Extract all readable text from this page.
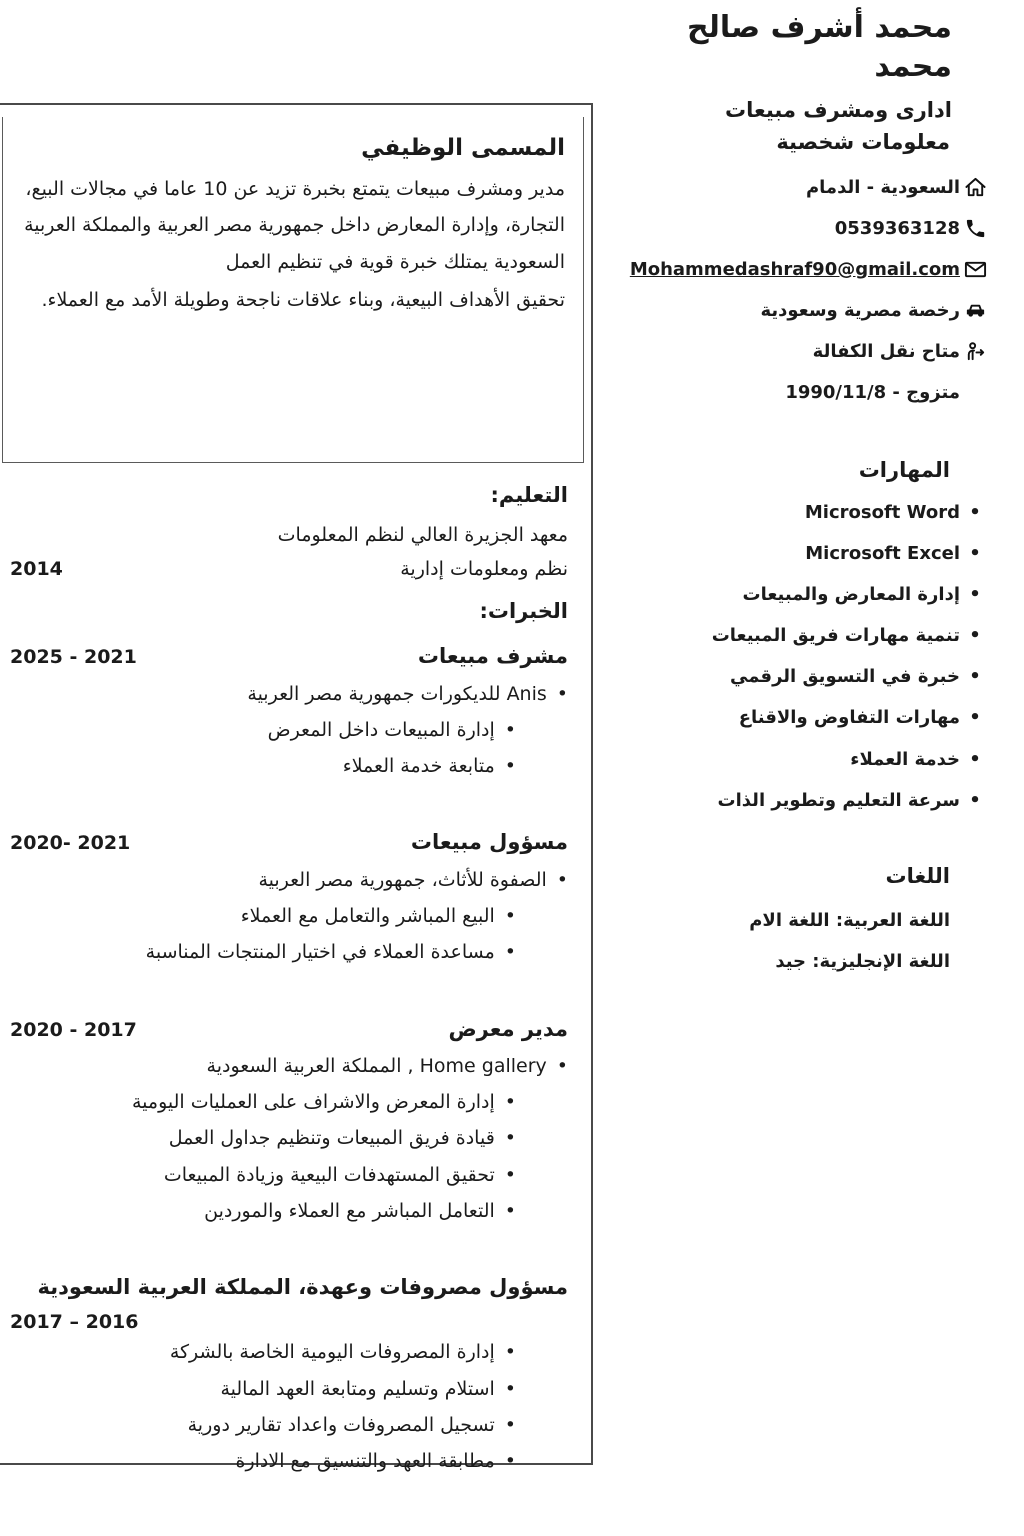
محمد أشرف صالح محمد
ادارى ومشرف مبيعات
المسمى الوظيفي

مدير ومشرف مبيعات يتمتع بخبرة تزيد عن 10 عاما في مجالات البيع، التجارة، وإدارة المعارض داخل جمهورية مصر العربية والمملكة العربية السعودية يمتلك خبرة قوية في تنظيم العمل

تحقيق الأهداف البيعية، وبناء علاقات ناجحة وطويلة الأمد مع العملاء.

التعليم:
معهد الجزيرة العالي لنظم المعلومات
نظم ومعلومات إدارية
2014
الخبرات:
مشرف مبيعات
2025 - 2021
• Anis للديكورات جمهورية مصر العربية
• إدارة المبيعات داخل المعرض
• متابعة خدمة العملاء
مسؤول مبيعات
2020- 2021
• الصفوة للأثاث، جمهورية مصر العربية
• البيع المباشر والتعامل مع العملاء
• مساعدة العملاء في اختيار المنتجات المناسبة
مدير معرض
2020 - 2017
• Home gallery , المملكة العربية السعودية
• إدارة المعرض والاشراف على العمليات اليومية
• قيادة فريق المبيعات وتنظيم جداول العمل
• تحقيق المستهدفات البيعية وزيادة المبيعات
• التعامل المباشر مع العملاء والموردين
مسؤول مصروفات وعهدة، المملكة العربية السعودية
2017 – 2016
• إدارة المصروفات اليومية الخاصة بالشركة
• استلام وتسليم ومتابعة العهد المالية
• تسجيل المصروفات واعداد تقارير دورية
• مطابقة العهد والتنسيق مع الادارة
معلومات شخصية
السعودية - الدمام
0539363128
Mohammedashraf90@gmail.com
رخصة مصرية وسعودية
متاح نقل الكفالة
1990/11/8 - متزوج
المهارات
• Microsoft Word
• Microsoft Excel
• إدارة المعارض والمبيعات
• تنمية مهارات فريق المبيعات
• خبرة في التسويق الرقمي
• مهارات التفاوض والاقناع
• خدمة العملاء
• سرعة التعليم وتطوير الذات
اللغات
اللغة العربية: اللغة الام
اللغة الإنجليزية: جيد
